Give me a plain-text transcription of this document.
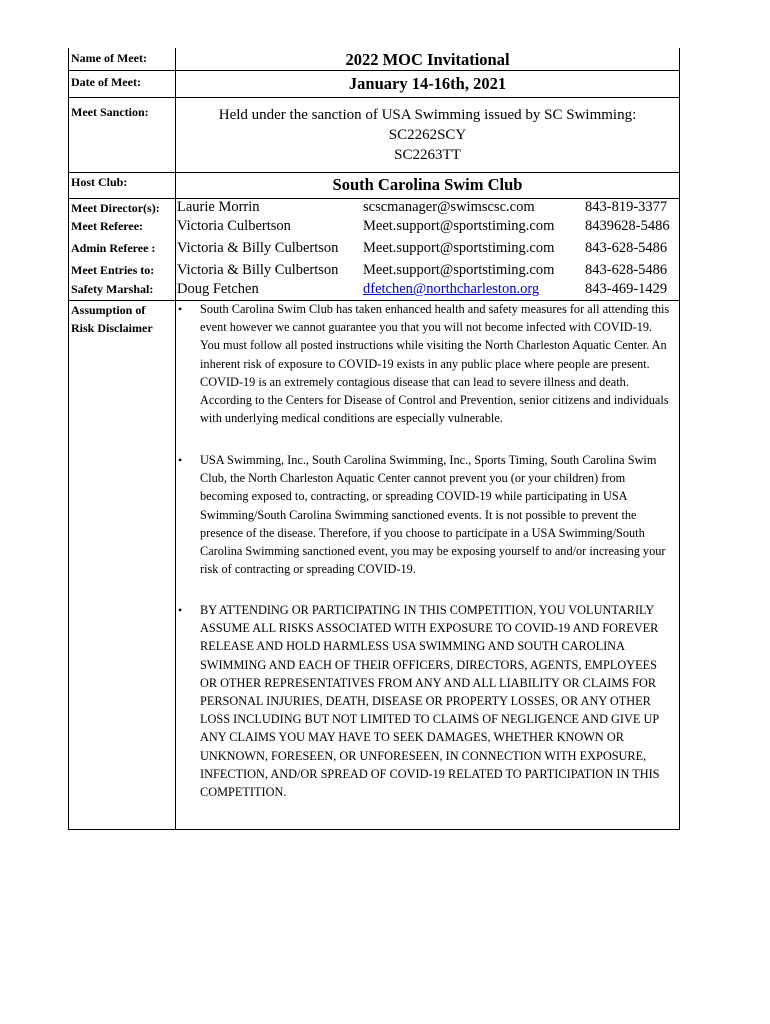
Name of Meet:	2022 MOC Invitational
Date of Meet:	January 14-16th, 2021
Meet Sanction:	Held under the sanction of USA Swimming issued by SC Swimming:
SC2262SCY
SC2263TT
Host Club:	South Carolina Swim Club
Meet Director(s): Laurie Morrin	scscmanager@swimscsc.com	843-819-3377
Meet Referee: Victoria Culbertson	Meet.support@sportstiming.com 8439628-5486
Admin Referee : Victoria & Billy Culbertson Meet.support@sportstiming.com 843-628-5486
Meet Entries to: Victoria & Billy Culbertson Meet.support@sportstiming.com 843-628-5486
Safety Marshal: Doug Fetchen	dfetchen@northcharleston.org	843-469-1429
Assumption of
Risk Disclaimer
• South Carolina Swim Club has taken enhanced health and safety measures for all attending this event however we cannot guarantee you that you will not become infected with COVID-19. You must follow all posted instructions while visiting the North Charleston Aquatic Center. An inherent risk of exposure to COVID-19 exists in any public place where people are present. COVID-19 is an extremely contagious disease that can lead to severe illness and death. According to the Centers for Disease of Control and Prevention, senior citizens and individuals with underlying medical conditions are especially vulnerable.
• USA Swimming, Inc., South Carolina Swimming, Inc., Sports Timing, South Carolina Swim Club, the North Charleston Aquatic Center cannot prevent you (or your children) from becoming exposed to, contracting, or spreading COVID-19 while participating in USA Swimming/South Carolina Swimming sanctioned events. It is not possible to prevent the presence of the disease. Therefore, if you choose to participate in a USA Swimming/South Carolina Swimming sanctioned event, you may be exposing yourself to and/or increasing your risk of contracting or spreading COVID-19.
• BY ATTENDING OR PARTICIPATING IN THIS COMPETITION, YOU VOLUNTARILY ASSUME ALL RISKS ASSOCIATED WITH EXPOSURE TO COVID-19 AND FOREVER RELEASE AND HOLD HARMLESS USA SWIMMING AND SOUTH CAROLINA SWIMMING AND EACH OF THEIR OFFICERS, DIRECTORS, AGENTS, EMPLOYEES OR OTHER REPRESENTATIVES FROM ANY AND ALL LIABILITY OR CLAIMS FOR PERSONAL INJURIES, DEATH, DISEASE OR PROPERTY LOSSES, OR ANY OTHER LOSS INCLUDING BUT NOT LIMITED TO CLAIMS OF NEGLIGENCE AND GIVE UP ANY CLAIMS YOU MAY HAVE TO SEEK DAMAGES, WHETHER KNOWN OR UNKNOWN, FORESEEN, OR UNFORESEEN, IN CONNECTION WITH EXPOSURE, INFECTION, AND/OR SPREAD OF COVID-19 RELATED TO PARTICIPATION IN THIS COMPETITION.
